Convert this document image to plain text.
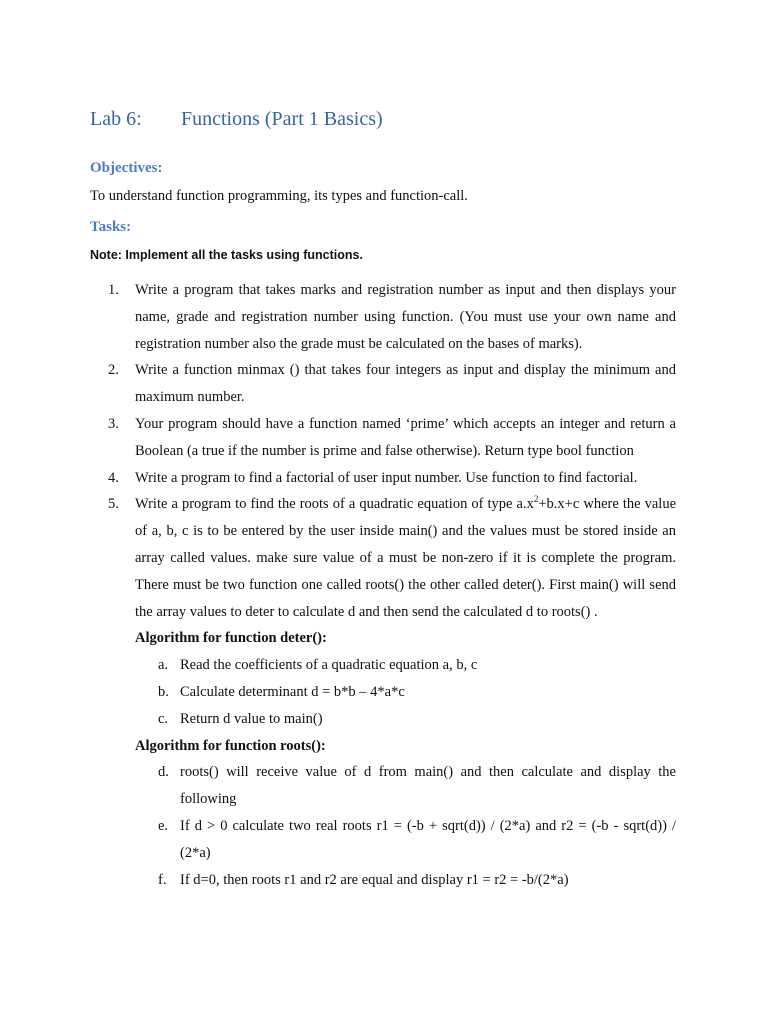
Lab 6: Functions (Part 1 Basics)
Objectives:
To understand function programming, its types and function-call.
Tasks:
Note: Implement all the tasks using functions.
1.	Write a program that takes marks and registration number as input and then displays your name, grade and registration number using function. (You must use your own name and registration number also the grade must be calculated on the bases of marks).
2.	Write a function minmax () that takes four integers as input and display the minimum and maximum number.
3.	Your program should have a function named ‘prime’ which accepts an integer and return a Boolean (a true if the number is prime and false otherwise). Return type bool function
4.	Write a program to find a factorial of user input number. Use function to find factorial.
5.	Write a program to find the roots of a quadratic equation of type $a.x^2+b.x+c$ where the value of a, b, c is to be entered by the user inside main() and the values must be stored inside an array called values. make sure value of a must be non-zero if it is complete the program. There must be two function one called roots() the other called deter(). First main() will send the array values to deter to calculate d and then send the calculated d to roots() .
Algorithm for function deter():
a. Read the coefficients of a quadratic equation a, b, c
b. Calculate determinant d = b*b – 4*a*c
c. Return d value to main()
Algorithm for function roots():
d. roots() will receive value of d from main() and then calculate and display the following
e. If d > 0 calculate two real roots r1 = (-b + sqrt(d)) / (2*a) and r2 = (-b - sqrt(d)) / (2*a)
f. If d=0, then roots r1 and r2 are equal and display r1 = r2 = -b/(2*a)
